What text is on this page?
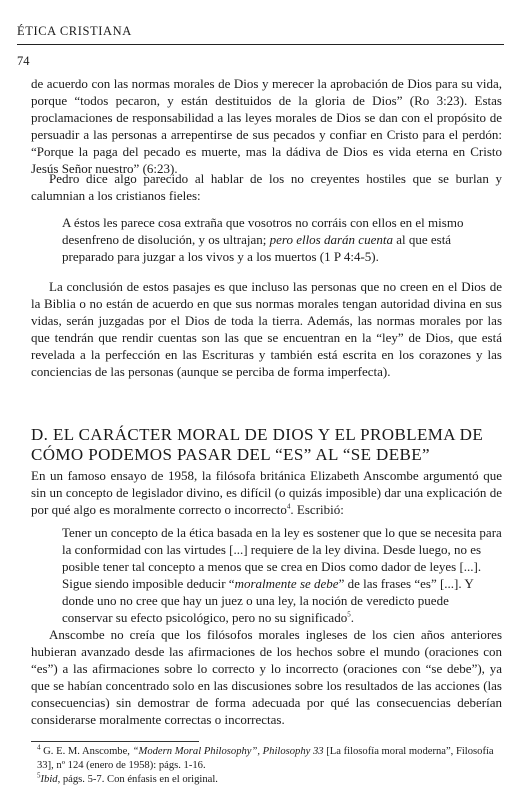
ÉTICA CRISTIANA
74

de acuerdo con las normas morales de Dios y merecer la aprobación de Dios para su vida, porque “todos pecaron, y están destituidos de la gloria de Dios” (Ro 3:23). Estas proclamaciones de responsabilidad a las leyes morales de Dios se dan con el propósito de persuadir a las personas a arrepentirse de sus pecados y confiar en Cristo para el perdón: “Porque la paga del pecado es muerte, mas la dádiva de Dios es vida eterna en Cristo Jesús Señor nuestro” (6:23).

Pedro dice algo parecido al hablar de los no creyentes hostiles que se burlan y calumnian a los cristianos fieles:

A éstos les parece cosa extraña que vosotros no corráis con ellos en el mismo desenfreno de disolución, y os ultrajan; pero ellos darán cuenta al que está preparado para juzgar a los vivos y a los muertos (1 P 4:4-5).

La conclusión de estos pasajes es que incluso las personas que no creen en el Dios de la Biblia o no están de acuerdo en que sus normas morales tengan autoridad divina en sus vidas, serán juzgadas por el Dios de toda la tierra. Además, las normas morales por las que tendrán que rendir cuentas son las que se encuentran en la “ley” de Dios, que está revelada a la perfección en las Escrituras y también está escrita en los corazones y las conciencias de las personas (aunque se perciba de forma imperfecta).

D. EL CARÁCTER MORAL DE DIOS Y EL PROBLEMA DE

CÓMO PODEMOS PASAR DEL “ES” AL “SE DEBE”

En un famoso ensayo de 1958, la filósofa británica Elizabeth Anscombe argumentó que sin un concepto de legislador divino, es difícil (o quizás imposible) dar una explicación de por qué algo es moralmente correcto o incorrecto$^4$. Escribió:

Tener un concepto de la ética basada en la ley es sostener que lo que se necesita para la conformidad con las virtudes [...] requiere de la ley divina. Desde luego, no es posible tener tal concepto a menos que se crea en Dios como dador de leyes [...]. Sigue siendo imposible deducir “moralmente se debe” de las frases “es” [...]. Y donde uno no cree que hay un juez o una ley, la noción de veredicto puede conservar su efecto psicológico, pero no su significado$^5$.

Anscombe no creía que los filósofos morales ingleses de los cien años anteriores hubieran avanzado desde las afirmaciones de los hechos sobre el mundo (oraciones con “es”) a las afirmaciones sobre lo correcto y lo incorrecto (oraciones con “se debe”), ya que se habían concentrado solo en las discusiones sobre los resultados de las acciones (las consecuencias) sin demostrar de forma adecuada por qué las consecuencias deberían considerarse moralmente correctas o incorrectas.

$^4$ G. E. M. Anscombe, “Modern Moral Philosophy”, Philosophy 33 [La filosofía moral moderna”, Filosofía 33], nº 124 (enero de 1958): págs. 1-16.

$^5$Ibid, págs. 5-7. Con énfasis en el original.
